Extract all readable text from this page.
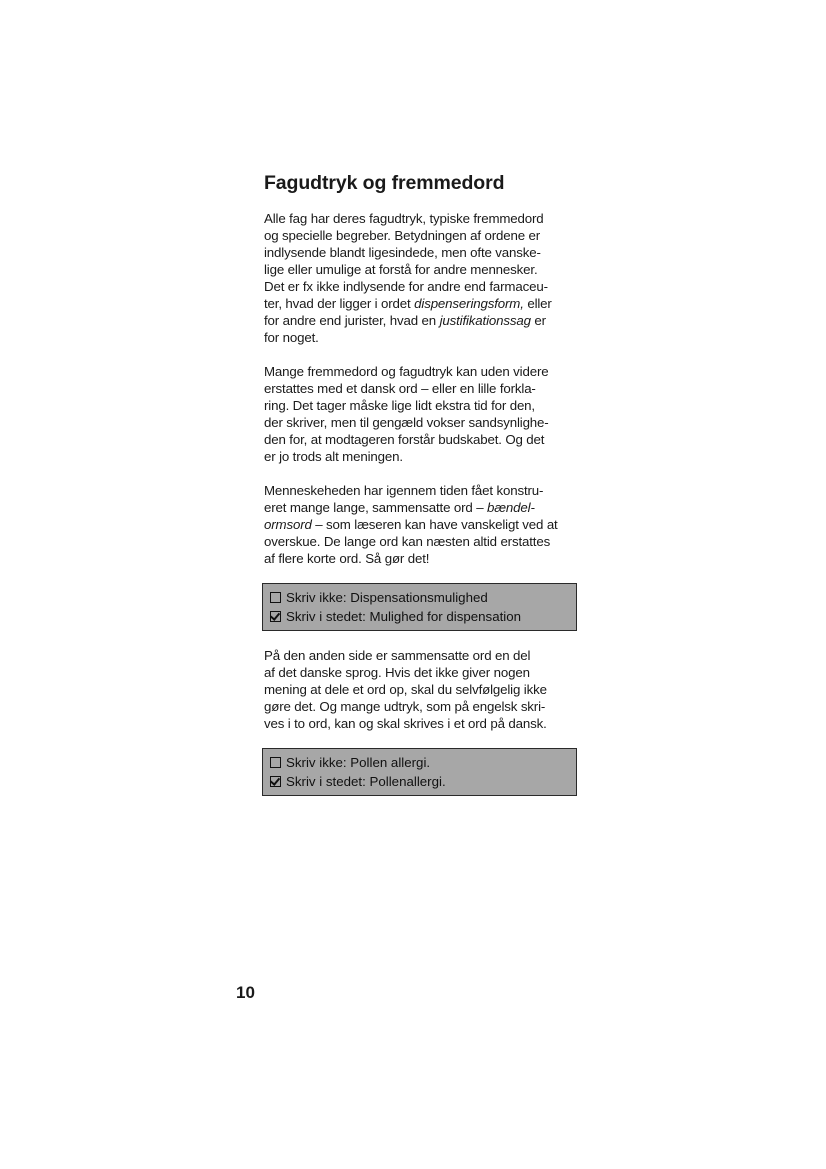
Fagudtryk og fremmedord

Alle fag har deres fagudtryk, typiske fremmedord
og specielle begreber. Betydningen af ordene er
indlysende blandt ligesindede, men ofte vanske-
lige eller umulige at forstå for andre mennesker.
Det er fx ikke indlysende for andre end farmaceu-
ter, hvad der ligger i ordet dispenseringsform, eller
for andre end jurister, hvad en justifikationssag er
for noget.

Mange fremmedord og fagudtryk kan uden videre
erstattes med et dansk ord – eller en lille forkla-
ring. Det tager måske lige lidt ekstra tid for den,
der skriver, men til gengæld vokser sandsynlighe-
den for, at modtageren forstår budskabet. Og det
er jo trods alt meningen.

Menneskeheden har igennem tiden fået konstru-
eret mange lange, sammensatte ord – bændel-
ormsord – som læseren kan have vanskeligt ved at
overskue. De lange ord kan næsten altid erstattes
af flere korte ord. Så gør det!

Skriv ikke: Dispensationsmulighed
Skriv i stedet: Mulighed for dispensation

På den anden side er sammensatte ord en del
af det danske sprog. Hvis det ikke giver nogen
mening at dele et ord op, skal du selvfølgelig ikke
gøre det. Og mange udtryk, som på engelsk skri-
ves i to ord, kan og skal skrives i et ord på dansk.

Skriv ikke: Pollen allergi.
Skriv i stedet: Pollenallergi.
10
